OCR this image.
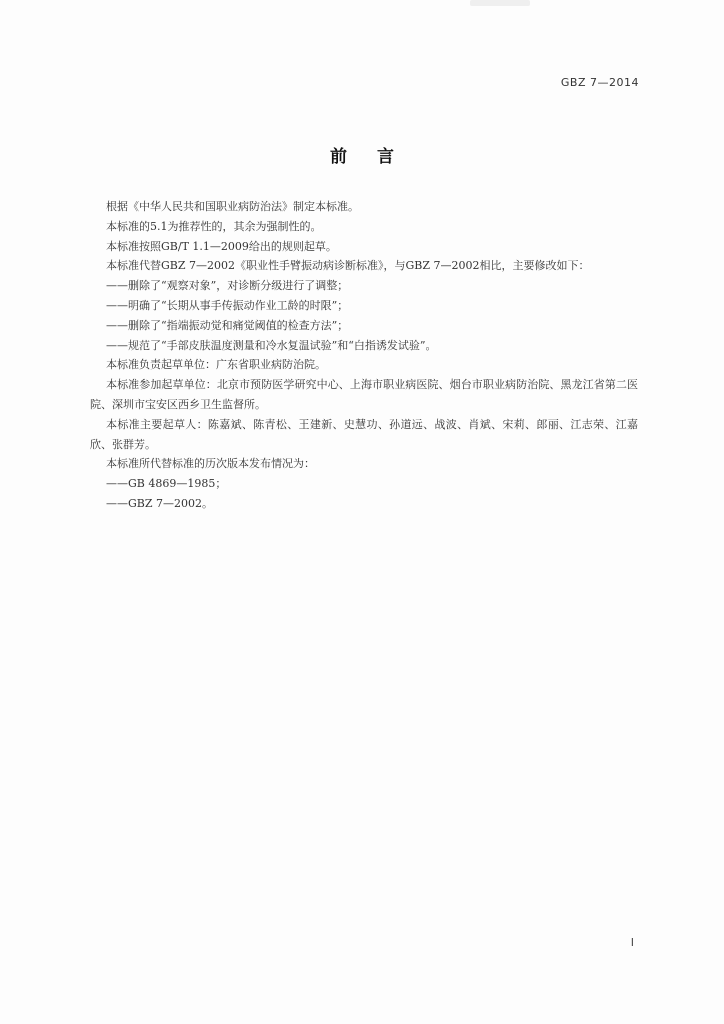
GBZ 7—2014
前言

根据《中华人民共和国职业病防治法》制定本标准。

本标准的5.1为推荐性的，其余为强制性的。

本标准按照GB/T 1.1—2009给出的规则起草。

本标准代替GBZ 7—2002《职业性手臂振动病诊断标准》，与GBZ 7—2002相比，主要修改如下：

——删除了“观察对象”，对诊断分级进行了调整；

——明确了“长期从事手传振动作业工龄的时限”；

——删除了“指端振动觉和痛觉阈值的检查方法”；

——规范了“手部皮肤温度测量和冷水复温试验”和“白指诱发试验”。

本标准负责起草单位：广东省职业病防治院。

本标准参加起草单位：北京市预防医学研究中心、上海市职业病医院、烟台市职业病防治院、黑龙江省第二医院、深圳市宝安区西乡卫生监督所。

本标准主要起草人：陈嘉斌、陈青松、王建新、史慧功、孙道远、战波、肖斌、宋莉、郎丽、江志荣、江嘉欣、张群芳。

本标准所代替标准的历次版本发布情况为：

——GB 4869—1985；

——GBZ 7—2002。

I
